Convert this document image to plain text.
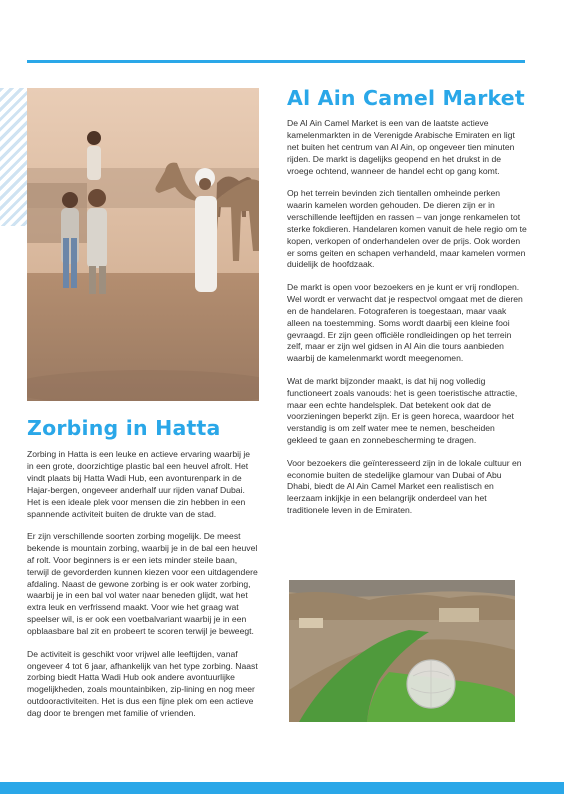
Al Ain Camel Market

De Al Ain Camel Market is een van de laatste actieve kamelenmarkten in de Verenigde Arabische Emiraten en ligt net buiten het centrum van Al Ain, op ongeveer tien minuten rijden. De markt is dagelijks geopend en het drukst in de vroege ochtend, wanneer de handel echt op gang komt.

Op het terrein bevinden zich tientallen omheinde perken waarin kamelen worden gehouden. De dieren zijn er in verschillende leeftijden en rassen – van jonge renkamelen tot sterke fokdieren. Handelaren komen vanuit de hele regio om te kopen, verkopen of onderhandelen over de prijs. Ook worden er soms geiten en schapen verhandeld, maar kamelen vormen duidelijk de hoofdzaak.

De markt is open voor bezoekers en je kunt er vrij rondlopen. Wel wordt er verwacht dat je respectvol omgaat met de dieren en de handelaren. Fotograferen is toegestaan, maar vaak alleen na toestemming. Soms wordt daarbij een kleine fooi gevraagd. Er zijn geen officiële rondleidingen op het terrein zelf, maar er zijn wel gidsen in Al Ain die tours aanbieden waarbij de kamelenmarkt wordt meegenomen.

Wat de markt bijzonder maakt, is dat hij nog volledig functioneert zoals vanouds: het is geen toeristische attractie, maar een echte handelsplek. Dat betekent ook dat de voorzieningen beperkt zijn. Er is geen horeca, waardoor het verstandig is om zelf water mee te nemen, bescheiden gekleed te gaan en zonnebescherming te dragen.

Voor bezoekers die geïnteresseerd zijn in de lokale cultuur en economie buiten de stedelijke glamour van Dubai of Abu Dhabi, biedt de Al Ain Camel Market een realistisch en leerzaam inkijkje in een belangrijk onderdeel van het traditionele leven in de Emiraten.

Zorbing in Hatta

Zorbing in Hatta is een leuke en actieve ervaring waarbij je in een grote, doorzichtige plastic bal een heuvel afrolt. Het vindt plaats bij Hatta Wadi Hub, een avonturenpark in de Hajar-bergen, ongeveer anderhalf uur rijden vanaf Dubai. Het is een ideale plek voor mensen die zin hebben in een spannende activiteit buiten de drukte van de stad.

Er zijn verschillende soorten zorbing mogelijk. De meest bekende is mountain zorbing, waarbij je in de bal een heuvel af rolt. Voor beginners is er een iets minder steile baan, terwijl de gevorderden kunnen kiezen voor een uitdagendere afdaling. Naast de gewone zorbing is er ook water zorbing, waarbij je in een bal vol water naar beneden glijdt, wat het extra leuk en verfrissend maakt. Voor wie het graag wat speelser wil, is er ook een voetbalvariant waarbij je in een opblaasbare bal zit en probeert te scoren terwijl je beweegt.

De activiteit is geschikt voor vrijwel alle leeftijden, vanaf ongeveer 4 tot 6 jaar, afhankelijk van het type zorbing. Naast zorbing biedt Hatta Wadi Hub ook andere avontuurlijke mogelijkheden, zoals mountainbiken, zip-lining en nog meer outdooractiviteiten. Het is dus een fijne plek om een actieve dag door te brengen met familie of vrienden.
